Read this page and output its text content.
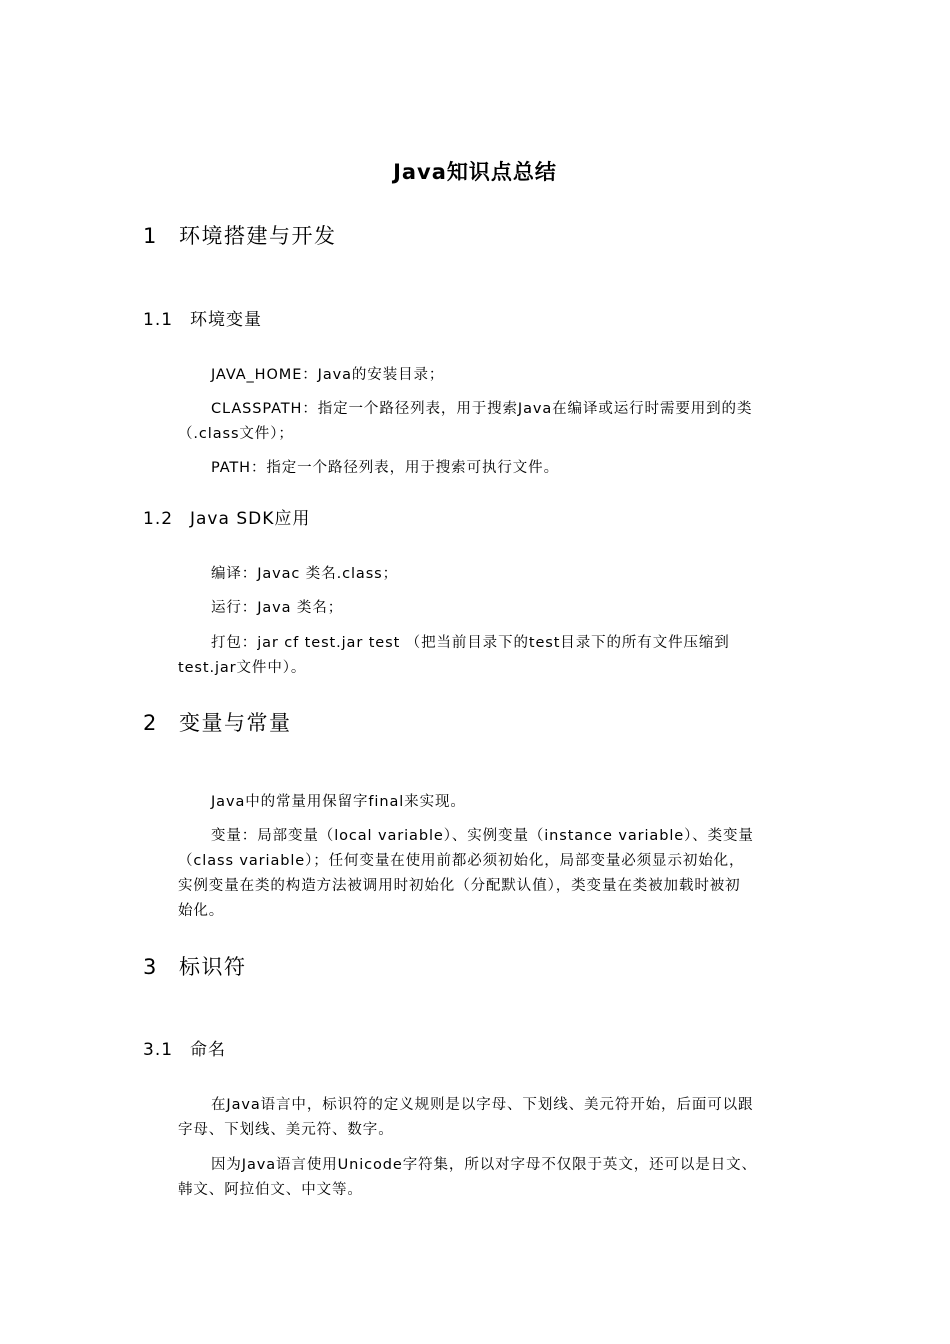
Java知识点总结
1 环境搭建与开发
1.1 环境变量
JAVA_HOME：Java的安装目录；
CLASSPATH：指定一个路径列表，用于搜索Java在编译或运行时需要用到的类
（.class文件）；
PATH：指定一个路径列表，用于搜索可执行文件。
1.2 Java SDK应用
编译：Javac 类名.class；
运行：Java 类名；
打包：jar cf test.jar test （把当前目录下的test目录下的所有文件压缩到
test.jar文件中）。
2 变量与常量
Java中的常量用保留字final来实现。
变量：局部变量（local variable）、实例变量（instance variable）、类变量
（class variable）；任何变量在使用前都必须初始化，局部变量必须显示初始化，
实例变量在类的构造方法被调用时初始化（分配默认值），类变量在类被加载时被初
始化。
3 标识符
3.1 命名
在Java语言中，标识符的定义规则是以字母、下划线、美元符开始，后面可以跟
字母、下划线、美元符、数字。
因为Java语言使用Unicode字符集，所以对字母不仅限于英文，还可以是日文、
韩文、阿拉伯文、中文等。
